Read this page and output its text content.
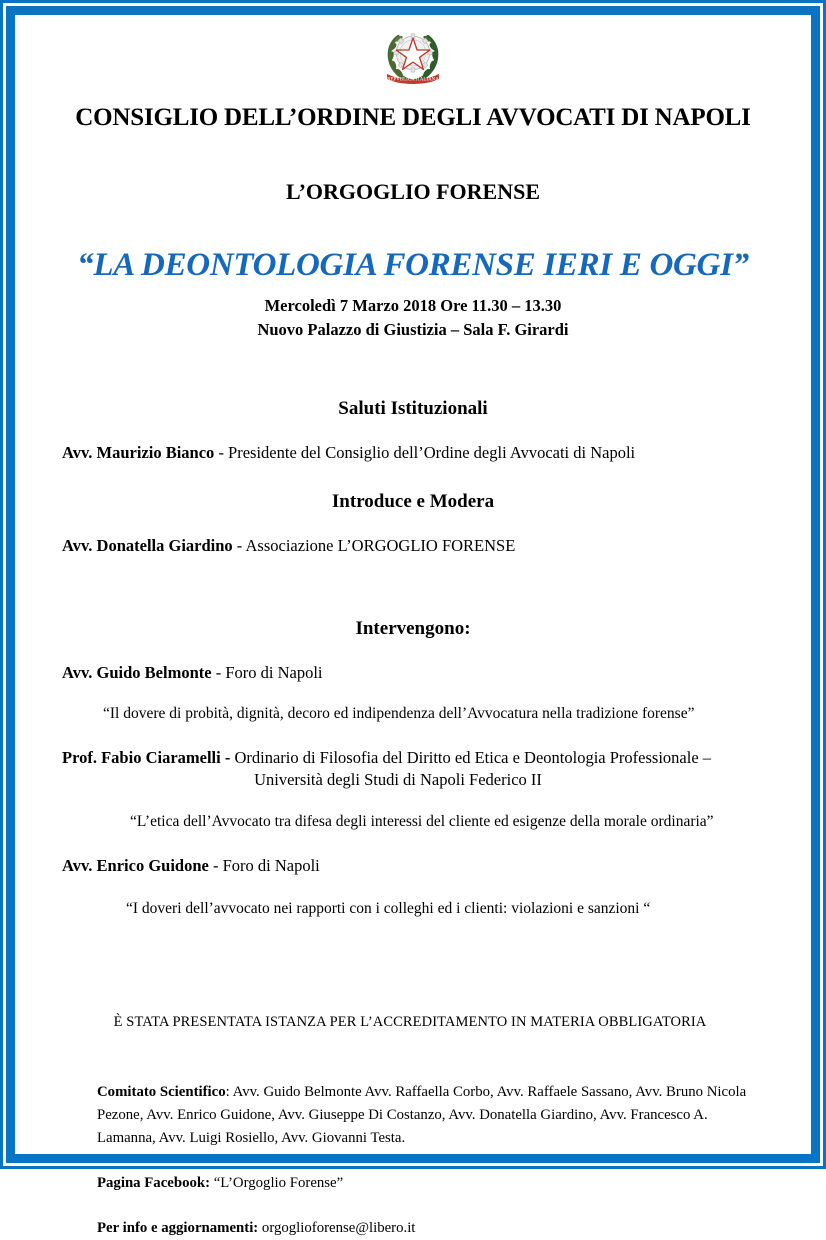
REPVBLICA ITALIANA
CONSIGLIO DELL’ORDINE DEGLI AVVOCATI DI NAPOLI
L’ORGOGLIO FORENSE
“LA DEONTOLOGIA FORENSE IERI E OGGI”
Mercoledì 7 Marzo 2018 Ore 11.30 – 13.30
Nuovo Palazzo di Giustizia – Sala F. Girardi
Saluti Istituzionali
Avv. Maurizio Bianco - Presidente del Consiglio dell’Ordine degli Avvocati di Napoli
Introduce e Modera
Avv. Donatella Giardino - Associazione L’ORGOGLIO FORENSE
Intervengono:
Avv. Guido Belmonte - Foro di Napoli
“Il dovere di probità, dignità, decoro ed indipendenza dell’Avvocatura nella tradizione forense”
Prof. Fabio Ciaramelli - Ordinario di Filosofia del Diritto ed Etica e Deontologia Professionale –
Università degli Studi di Napoli Federico II
“L’etica dell’Avvocato tra difesa degli interessi del cliente ed esigenze della morale ordinaria”
Avv. Enrico Guidone - Foro di Napoli
“I doveri dell’avvocato nei rapporti con i colleghi ed i clienti: violazioni e sanzioni “
È STATA PRESENTATA ISTANZA PER L’ACCREDITAMENTO IN MATERIA OBBLIGATORIA
Comitato Scientifico: Avv. Guido Belmonte Avv. Raffaella Corbo, Avv. Raffaele Sassano, Avv. Bruno Nicola Pezone, Avv. Enrico Guidone, Avv. Giuseppe Di Costanzo, Avv. Donatella Giardino, Avv. Francesco A. Lamanna, Avv. Luigi Rosiello, Avv. Giovanni Testa.
Pagina Facebook: “L’Orgoglio Forense”
Per info e aggiornamenti: orgoglioforense@libero.it
